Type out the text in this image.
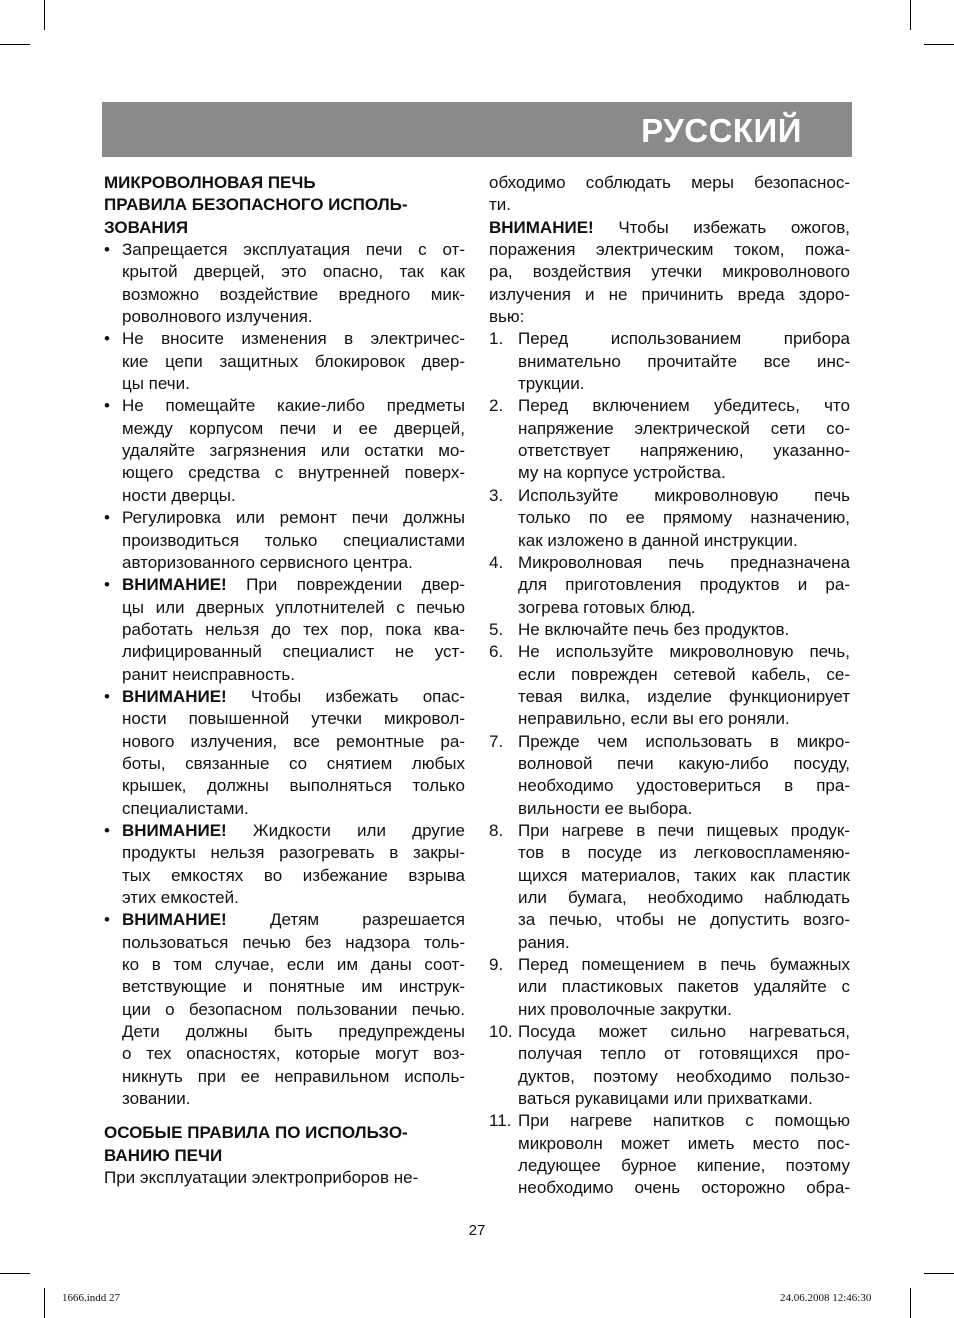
РУССКИЙ
МИКРОВОЛНОВАЯ ПЕЧЬ
ПРАВИЛА БЕЗОПАСНОГО ИСПОЛЬ-
ЗОВАНИЯ
• Запрещается эксплуатация печи с от-
крытой дверцей, это опасно, так как
возможно воздействие вредного мик-
роволнового излучения.
• Не вносите изменения в электричес-
кие цепи защитных блокировок двер-
цы печи.
• Не помещайте какие-либо предметы
между корпусом печи и ее дверцей,
удаляйте загрязнения или остатки мо-
ющего средства с внутренней поверх-
ности дверцы.
• Регулировка или ремонт печи должны
производиться только специалистами
авторизованного сервисного центра.
• ВНИМАНИЕ! При повреждении двер-
цы или дверных уплотнителей с печью
работать нельзя до тех пор, пока ква-
лифицированный специалист не уст-
ранит неисправность.
• ВНИМАНИЕ! Чтобы избежать опас-
ности повышенной утечки микровол-
нового излучения, все ремонтные ра-
боты, связанные со снятием любых
крышек, должны выполняться только
специалистами.
• ВНИМАНИЕ! Жидкости или другие
продукты нельзя разогревать в закры-
тых емкостях во избежание взрыва
этих емкостей.
• ВНИМАНИЕ! Детям разрешается
пользоваться печью без надзора толь-
ко в том случае, если им даны соот-
ветствующие и понятные им инструк-
ции о безопасном пользовании печью.
Дети должны быть предупреждены
о тех опасностях, которые могут воз-
никнуть при ее неправильном исполь-
зовании.
ОСОБЫЕ ПРАВИЛА ПО ИСПОЛЬЗО-
ВАНИЮ ПЕЧИ
При эксплуатации электроприборов не-
обходимо соблюдать меры безопаснос-
ти.
ВНИМАНИЕ! Чтобы избежать ожогов,
поражения электрическим током, пожа-
ра, воздействия утечки микроволнового
излучения и не причинить вреда здоро-
вью:
1. Перед использованием прибора
внимательно прочитайте все инс-
трукции.
2. Перед включением убедитесь, что
напряжение электрической сети со-
ответствует напряжению, указанно-
му на корпусе устройства.
3. Используйте микроволновую печь
только по ее прямому назначению,
как изложено в данной инструкции.
4. Микроволновая печь предназначена
для приготовления продуктов и ра-
зогрева готовых блюд.
5. Не включайте печь без продуктов.
6. Не используйте микроволновую печь,
если поврежден сетевой кабель, се-
тевая вилка, изделие функционирует
неправильно, если вы его роняли.
7. Прежде чем использовать в микро-
волновой печи какую-либо посуду,
необходимо удостовериться в пра-
вильности ее выбора.
8. При нагреве в печи пищевых продук-
тов в посуде из легковоспламеняю-
щихся материалов, таких как пластик
или бумага, необходимо наблюдать
за печью, чтобы не допустить возго-
рания.
9. Перед помещением в печь бумажных
или пластиковых пакетов удаляйте с
них проволочные закрутки.
10. Посуда может сильно нагреваться,
получая тепло от готовящихся про-
дуктов, поэтому необходимо пользо-
ваться рукавицами или прихватками.
11. При нагреве напитков с помощью
микроволн может иметь место пос-
ледующее бурное кипение, поэтому
необходимо очень осторожно обра-
27
1666.indd 27	24.06.2008 12:46:30
